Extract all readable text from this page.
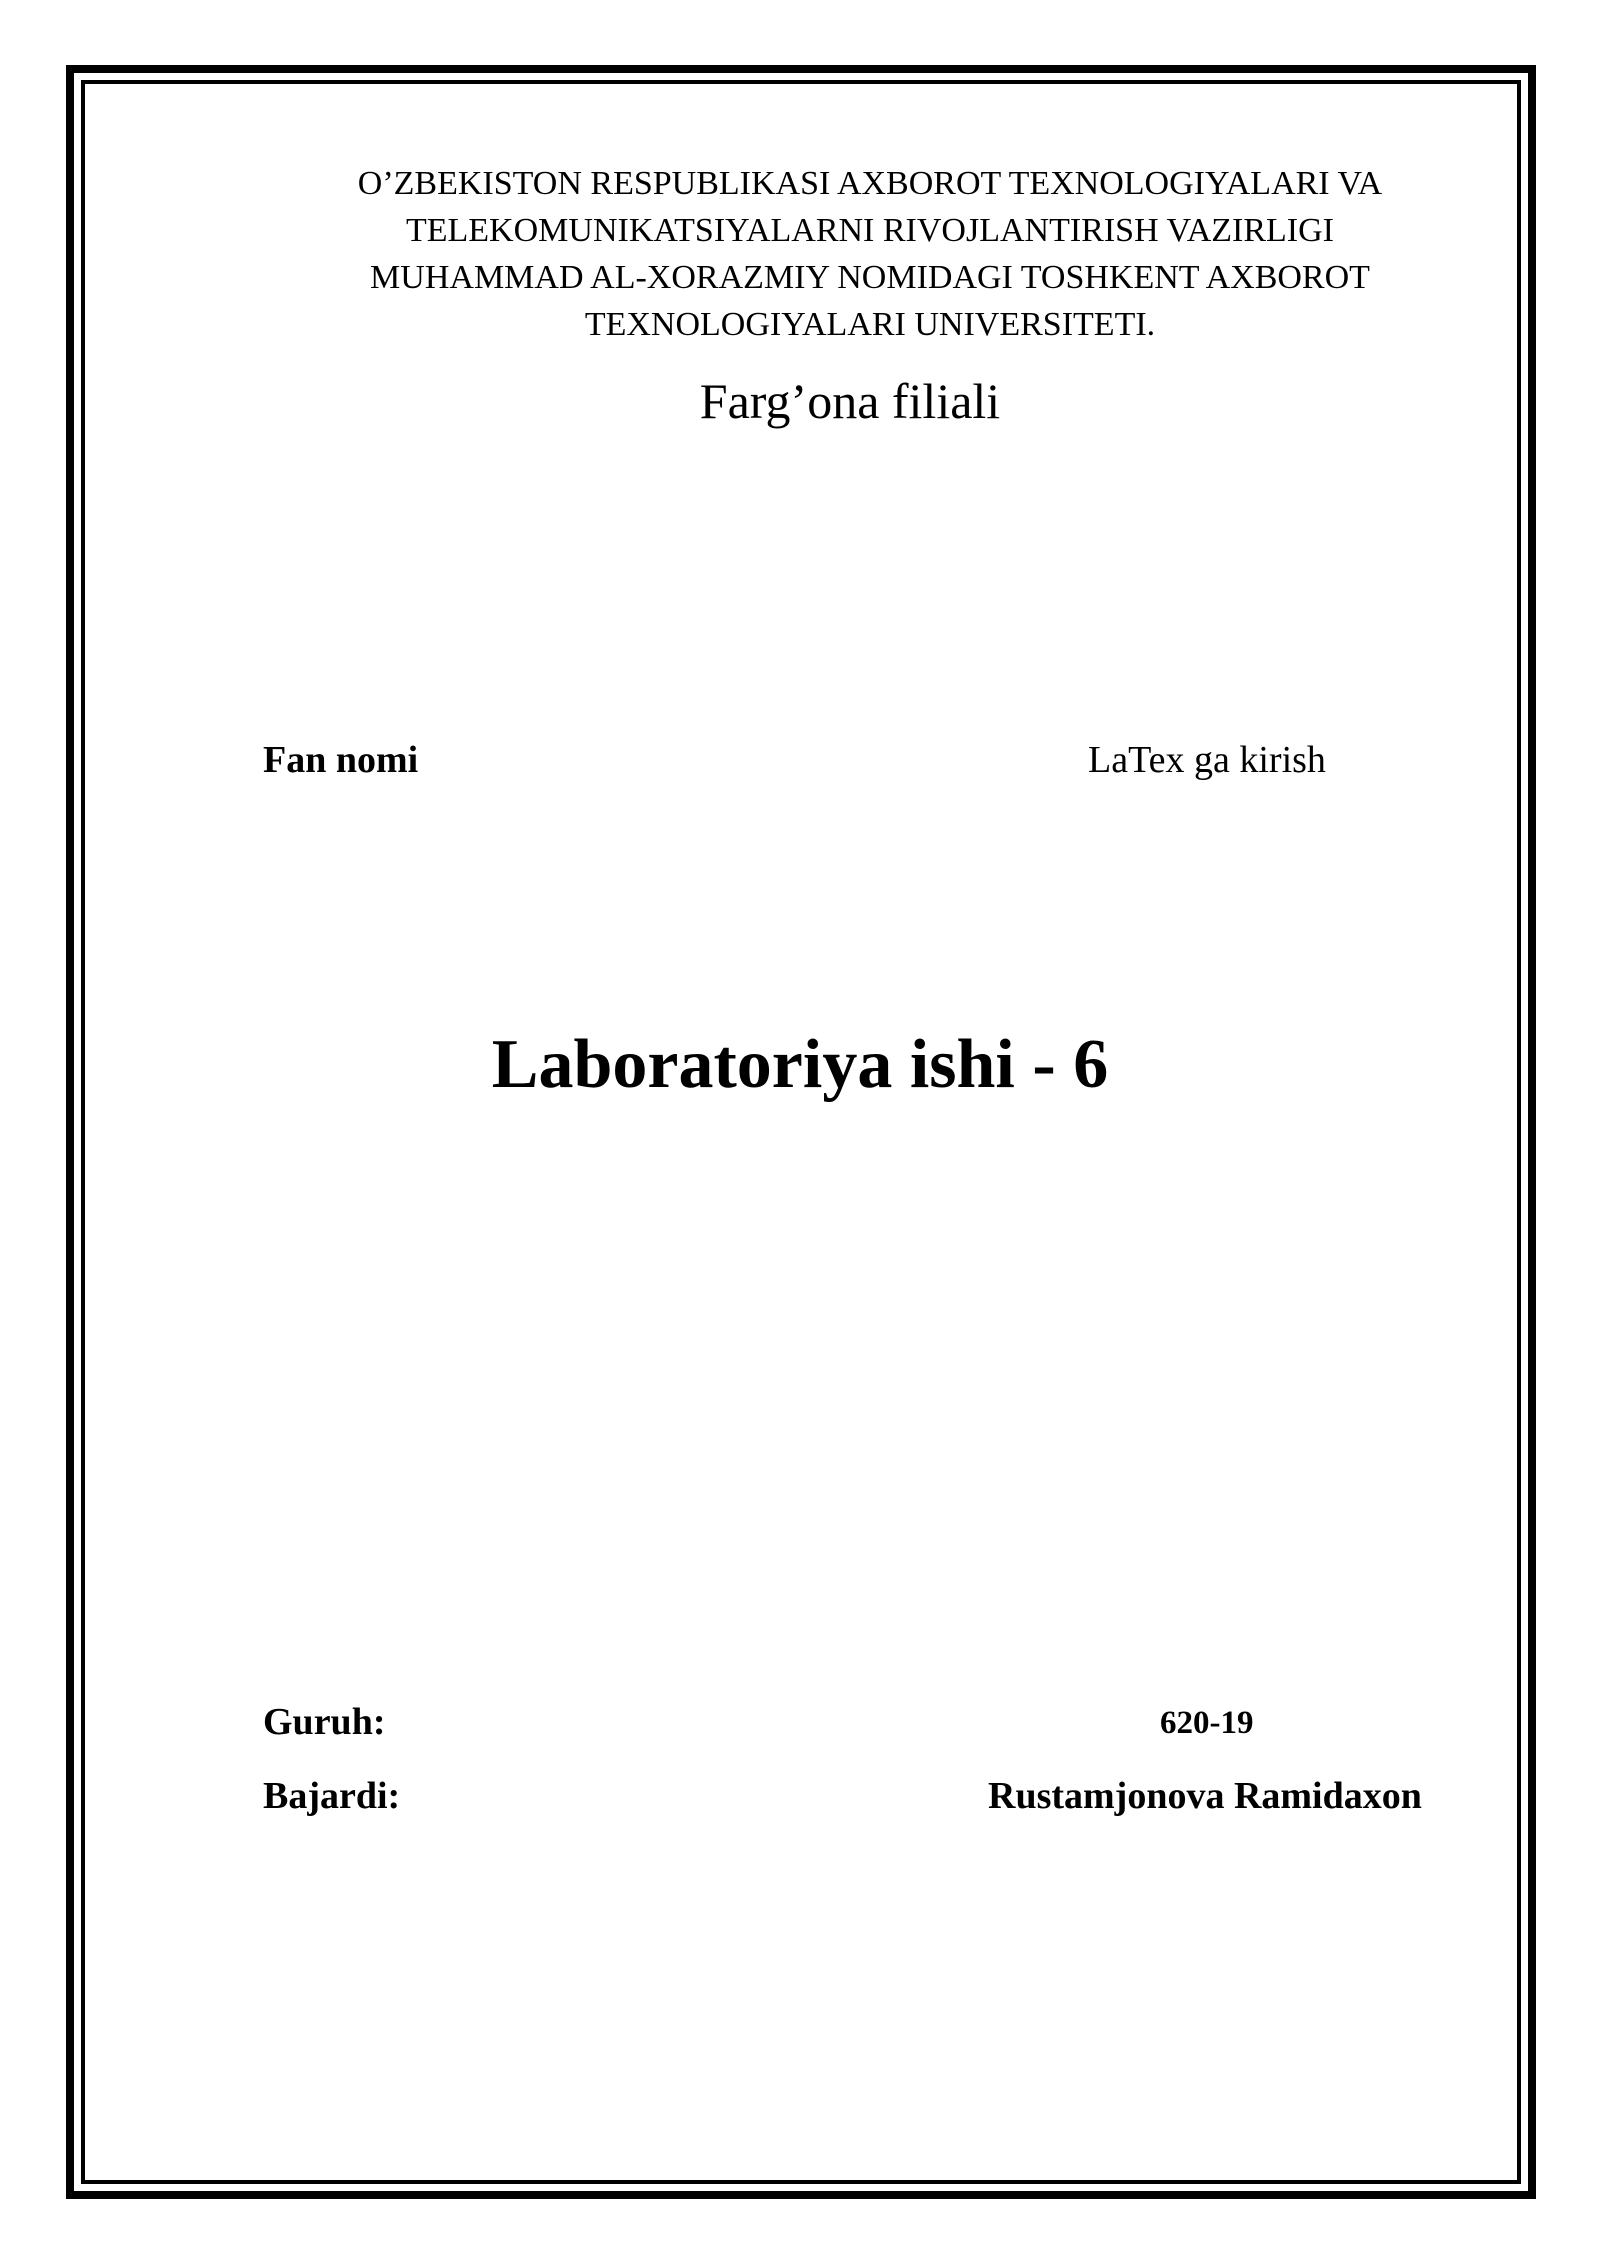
O’ZBEKISTON RESPUBLIKASI AXBOROT TEXNOLOGIYALARI VA
TELEKOMUNIKATSIYALARNI RIVOJLANTIRISH VAZIRLIGI
MUHAMMAD AL-XORAZMIY NOMIDAGI TOSHKENT AXBOROT
TEXNOLOGIYALARI UNIVERSITETI.
Farg’ona filiali
Fan nomi	LaTex ga kirish
Laboratoriya ishi - 6
Guruh:	620-19
Bajardi:	Rustamjonova Ramidaxon
